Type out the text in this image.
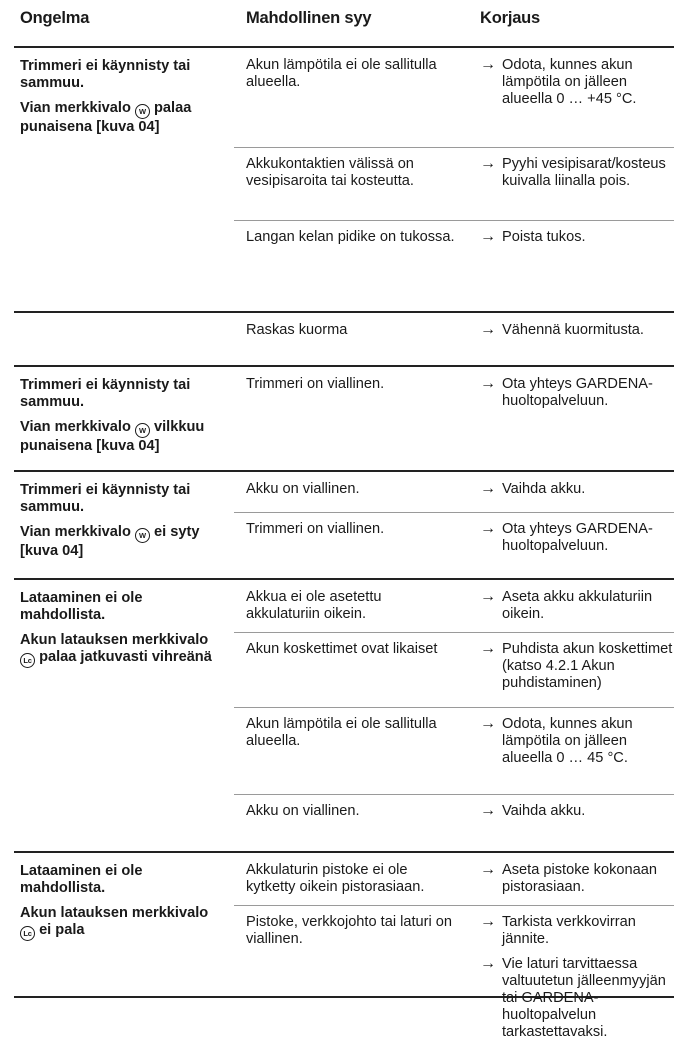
Ongelma	Mahdollinen syy	Korjaus

Trimmeri ei käynnisty tai sammuu.

Vian merkkivalo W palaa punaisena [kuva 04]

Akun lämpötila ei ole sallitulla alueella.
→ Odota, kunnes akun lämpötila on jälleen alueella 0 … +45 °C.
Akkukontaktien välissä on vesipisaroita tai kosteutta.
→ Pyyhi vesipisarat/kosteus kuivalla liinalla pois.
Langan kelan pidike on tukossa. → Poista tukos.
Raskas kuorma	→ Vähennä kuormitusta.

Trimmeri ei käynnisty tai sammuu.

Vian merkkivalo W vilkkuu punaisena [kuva 04]

Trimmeri on viallinen.	→ Ota yhteys GARDENA-huoltopalveluun.

Trimmeri ei käynnisty tai sammuu.

Vian merkkivalo W ei syty [kuva 04]

Akku on viallinen.	→ Vaihda akku.
Trimmeri on viallinen.	→ Ota yhteys GARDENA-huoltopalveluun.

Lataaminen ei ole mahdollista.

Akun latauksen merkkivalo Lc palaa jatkuvasti vihreänä

Akkua ei ole asetettu akkulaturiin oikein.
→ Aseta akku akkulaturiin oikein.
Akun koskettimet ovat likaiset	→ Puhdista akun koskettimet (katso 4.2.1 Akun puhdistaminen)
Akun lämpötila ei ole sallitulla alueella.
→ Odota, kunnes akun lämpötila on jälleen alueella 0 … 45 °C.
Akku on viallinen.	→ Vaihda akku.

Lataaminen ei ole mahdollista.

Akun latauksen merkkivalo Lc ei pala

Akkulaturin pistoke ei ole kytketty oikein pistorasiaan.
→ Aseta pistoke kokonaan pistorasiaan.
Pistoke, verkkojohto tai laturi on viallinen.
→ Tarkista verkkovirran jännite.
→ Vie laturi tarvittaessa valtuutetun jälleenmyyjän tai GARDENA-huoltopalvelun tarkastettavaksi.
